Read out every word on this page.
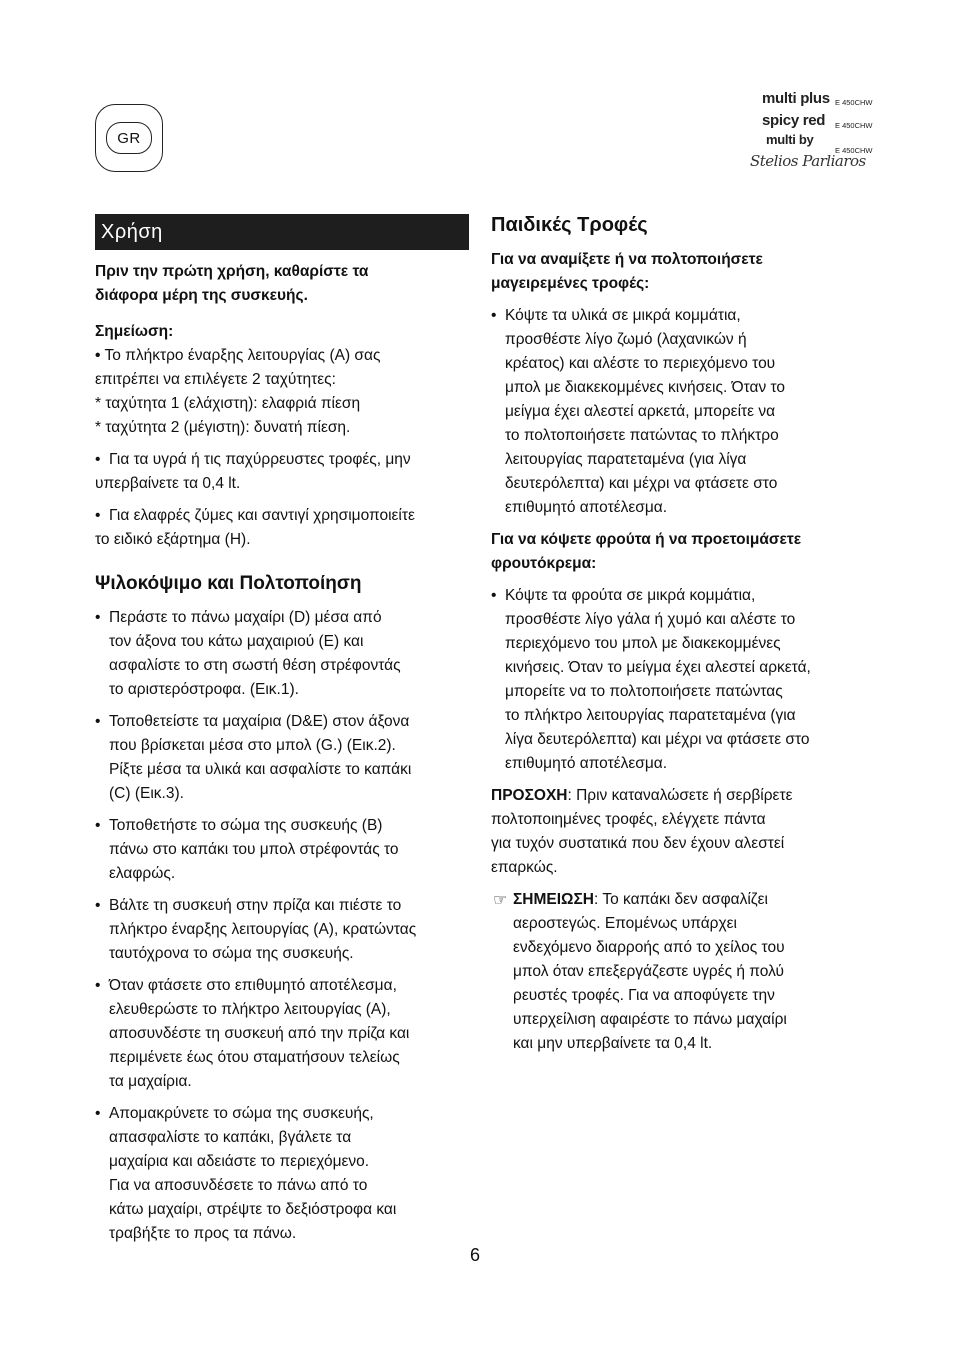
GR
multi plus E 450CHW
spicy red E 450CHW
multi by
E 450CHW
Stelios Parliaros
Χρήση

Πριν την πρώτη χρήση, καθαρίστε τα

διάφορα μέρη της συσκευής.

Σημείωση:

• • Το πλήκτρο έναρξης λειτουργίας (Α) σας

επιτρέπει να επιλέγετε 2 ταχύτητες:

* ταχύτητα 1 (ελάχιστη): ελαφριά πίεση

* ταχύτητα 2 (μέγιστη): δυνατή πίεση.

• Για τα υγρά ή τις παχύρρευστες τροφές, μην

υπερβαίνετε τα 0,4 lt.

• Για ελαφρές ζύμες και σαντιγί χρησιμοποιείτε

το ειδικό εξάρτημα (Η).

Ψιλοκόψιμο και Πολτοποίηση

• Περάστε το πάνω μαχαίρι (D) μέσα από

τον άξονα του κάτω μαχαιριού (E) και

ασφαλίστε το στη σωστή θέση στρέφοντάς

το αριστερόστροφα. (Εικ.1).

• Τοποθετείστε τα μαχαίρια (D&E) στον άξονα

που βρίσκεται μέσα στο μπολ (G.) (Εικ.2).

Ρίξτε μέσα τα υλικά και ασφαλίστε το καπάκι

(C) (Εικ.3).

• Τοποθετήστε το σώμα της συσκευής (Β)

πάνω στο καπάκι του μπολ στρέφοντάς το

ελαφρώς.

• Βάλτε τη συσκευή στην πρίζα και πιέστε το

πλήκτρο έναρξης λειτουργίας (Α), κρατώντας

ταυτόχρονα το σώμα της συσκευής.

• Όταν φτάσετε στο επιθυμητό αποτέλεσμα,

ελευθερώστε το πλήκτρο λειτουργίας (Α),

αποσυνδέστε τη συσκευή από την πρίζα και

περιμένετε έως ότου σταματήσουν τελείως

τα μαχαίρια.

• Απομακρύνετε το σώμα της συσκευής,

απασφαλίστε το καπάκι, βγάλετε τα

μαχαίρια και αδειάστε το περιεχόμενο.

Για να αποσυνδέσετε το πάνω από το

κάτω μαχαίρι, στρέψτε το δεξιόστροφα και

τραβήξτε το προς τα πάνω.

Παιδικές Τροφές

Για να αναμίξετε ή να πολτοποιήσετε

μαγειρεμένες τροφές:

• Κόψτε τα υλικά σε μικρά κομμάτια,

προσθέστε λίγο ζωμό (λαχανικών ή

κρέατος) και αλέστε το περιεχόμενο του

μπολ με διακεκομμένες κινήσεις. Όταν το

μείγμα έχει αλεστεί αρκετά, μπορείτε να

το πολτοποιήσετε πατώντας το πλήκτρο

λειτουργίας παρατεταμένα (για λίγα

δευτερόλεπτα) και μέχρι να φτάσετε στο

επιθυμητό αποτέλεσμα.

Για να κόψετε φρούτα ή να προετοιμάσετε

φρουτόκρεμα:

• Κόψτε τα φρούτα σε μικρά κομμάτια,

προσθέστε λίγο γάλα ή χυμό και αλέστε το

περιεχόμενο του μπολ με διακεκομμένες

κινήσεις. Όταν το μείγμα έχει αλεστεί αρκετά,

μπορείτε να το πολτοποιήσετε πατώντας

το πλήκτρο λειτουργίας παρατεταμένα (για

λίγα δευτερόλεπτα) και μέχρι να φτάσετε στο

επιθυμητό αποτέλεσμα.

ΠΡΟΣΟΧΗ: Πριν καταναλώσετε ή σερβίρετε

πολτοποιημένες τροφές, ελέγχετε πάντα

για τυχόν συστατικά που δεν έχουν αλεστεί

επαρκώς.

☞ ΣΗΜΕΙΩΣΗ: Το καπάκι δεν ασφαλίζει

αεροστεγώς. Επομένως υπάρχει

ενδεχόμενο διαρροής από το χείλος του

μπολ όταν επεξεργάζεστε υγρές ή πολύ

ρευστές τροφές. Για να αποφύγετε την

υπερχείλιση αφαιρέστε το πάνω μαχαίρι

και μην υπερβαίνετε τα 0,4 lt.

6
